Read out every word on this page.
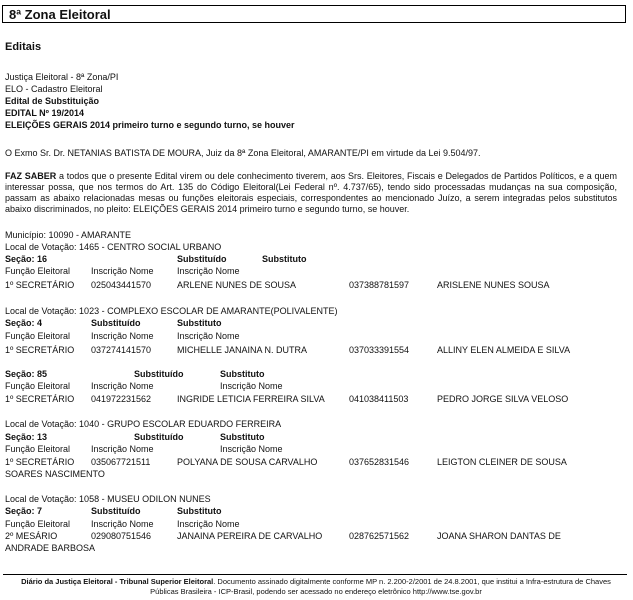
8ª Zona Eleitoral
Editais
Justiça Eleitoral - 8ª Zona/PI
ELO - Cadastro Eleitoral
Edital de Substituição
EDITAL Nº 19/2014
ELEIÇÕES GERAIS 2014 primeiro turno e segundo turno, se houver
O Exmo Sr. Dr. NETANIAS BATISTA DE MOURA, Juiz da 8ª Zona Eleitoral, AMARANTE/PI em virtude da Lei 9.504/97.
FAZ SABER a todos que o presente Edital virem ou dele conhecimento tiverem, aos Srs. Eleitores, Fiscais e Delegados de Partidos Políticos, e a quem interessar possa, que nos termos do Art. 135 do Código Eleitoral(Lei Federal nº. 4.737/65), tendo sido processadas mudanças na sua composição, passam as abaixo relacionadas mesas ou funções eleitorais especiais, correspondentes ao mencionado Juízo, a serem integradas pelos substitutos abaixo discriminados, no pleito: ELEIÇÕES GERAIS 2014 primeiro turno e segundo turno, se houver.
Município: 10090 - AMARANTE
Local de Votação: 1465 - CENTRO SOCIAL URBANO
Seção: 16	Substituído	Substituto
Função Eleitoral Inscrição Nome	Inscrição Nome
1º SECRETÁRIO 025043441570	ARLENE NUNES DE SOUSA	037388781597	ARISLENE NUNES SOUSA
Local de Votação: 1023 - COMPLEXO ESCOLAR DE AMARANTE(POLIVALENTE)
Seção: 4	Substituído	Substituto
Função Eleitoral Inscrição Nome	Inscrição Nome
1º SECRETÁRIO 037274141570	MICHELLE JANAINA N. DUTRA	037033391554	ALLINY ELEN ALMEIDA E SILVA
Seção: 85	Substituído	Substituto
Função Eleitoral Inscrição Nome	Inscrição Nome
1º SECRETÁRIO 041972231562	INGRIDE LETICIA FERREIRA SILVA	041038411503	PEDRO JORGE SILVA VELOSO
Local de Votação: 1040 - GRUPO ESCOLAR EDUARDO FERREIRA
Seção: 13	Substituído	Substituto
Função Eleitoral Inscrição Nome	Inscrição Nome
1º SECRETÁRIO 035067721511	POLYANA DE SOUSA CARVALHO	037652831546	LEIGTON CLEINER DE SOUSA
SOARES NASCIMENTO
Local de Votação: 1058 - MUSEU ODILON NUNES
Seção: 7	Substituído	Substituto
Função Eleitoral Inscrição Nome	Inscrição Nome
2º MESÁRIO	029080751546	JANAINA PEREIRA DE CARVALHO	028762571562	JOANA SHARON DANTAS DE
ANDRADE BARBOSA
Diário da Justiça Eleitoral - Tribunal Superior Eleitoral. Documento assinado digitalmente conforme MP n. 2.200-2/2001 de 24.8.2001, que institui a Infra-estrutura de Chaves Públicas Brasileira - ICP-Brasil, podendo ser acessado no endereço eletrônico http://www.tse.gov.br
